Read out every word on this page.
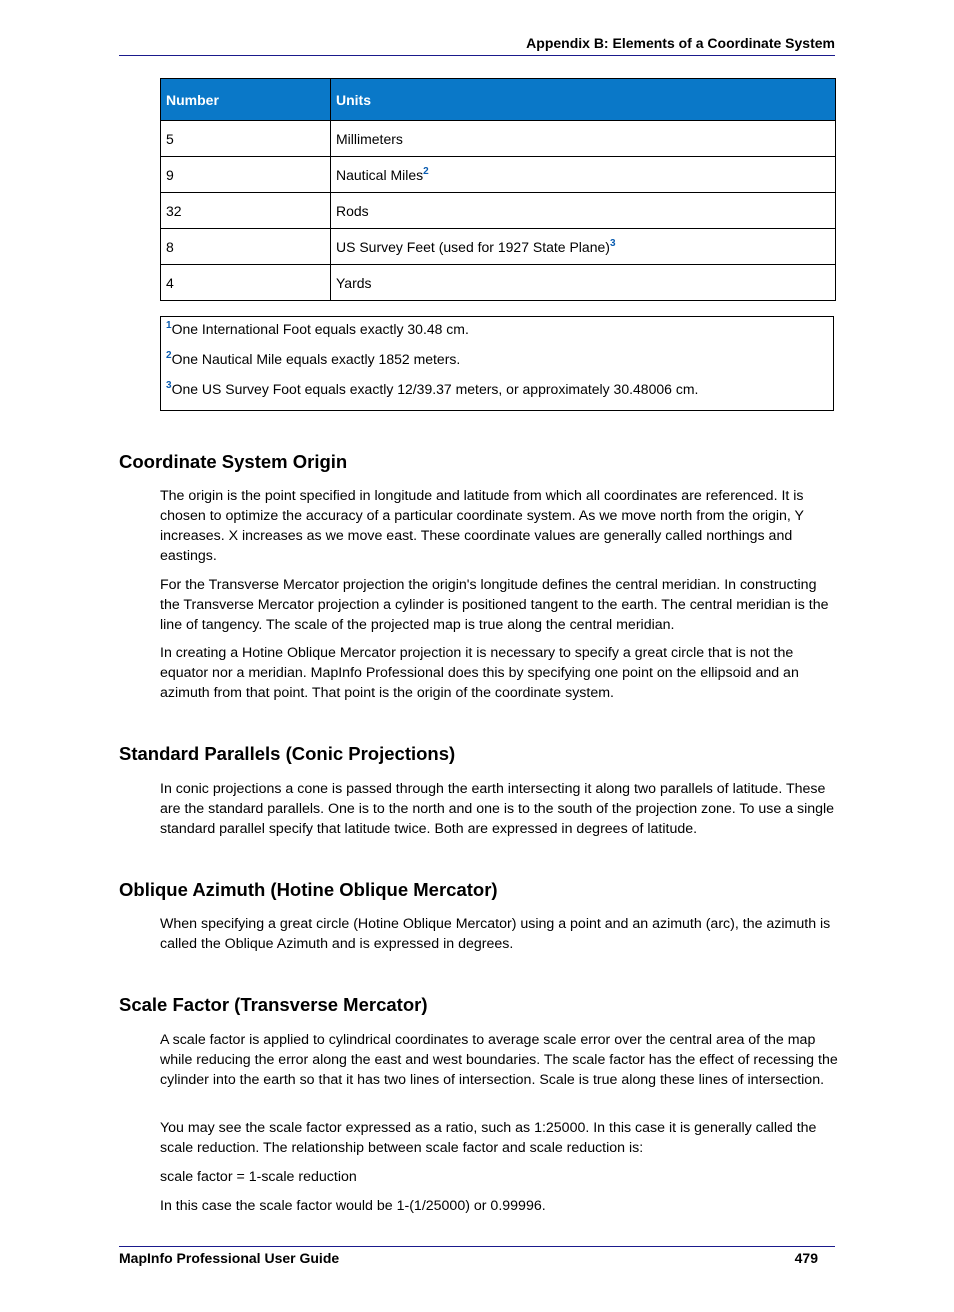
Appendix B: Elements of a Coordinate System
Number	Units
5	Millimeters
9	Nautical Miles$^2$
32	Rods
8	US Survey Feet (used for 1927 State Plane)$^3$
4	Yards

$^1$One International Foot equals exactly 30.48 cm.

$^2$One Nautical Mile equals exactly 1852 meters.

$^3$One US Survey Foot equals exactly 12/39.37 meters, or approximately 30.48006 cm.

Coordinate System Origin

The origin is the point specified in longitude and latitude from which all coordinates are referenced. It is chosen to optimize the accuracy of a particular coordinate system. As we move north from the origin, Y increases. X increases as we move east. These coordinate values are generally called northings and eastings.

For the Transverse Mercator projection the origin's longitude defines the central meridian. In constructing the Transverse Mercator projection a cylinder is positioned tangent to the earth. The central meridian is the line of tangency. The scale of the projected map is true along the central meridian.

In creating a Hotine Oblique Mercator projection it is necessary to specify a great circle that is not the equator nor a meridian. MapInfo Professional does this by specifying one point on the ellipsoid and an azimuth from that point. That point is the origin of the coordinate system.

Standard Parallels (Conic Projections)

In conic projections a cone is passed through the earth intersecting it along two parallels of latitude. These are the standard parallels. One is to the north and one is to the south of the projection zone. To use a single standard parallel specify that latitude twice. Both are expressed in degrees of latitude.

Oblique Azimuth (Hotine Oblique Mercator)

When specifying a great circle (Hotine Oblique Mercator) using a point and an azimuth (arc), the azimuth is called the Oblique Azimuth and is expressed in degrees.

Scale Factor (Transverse Mercator)

A scale factor is applied to cylindrical coordinates to average scale error over the central area of the map while reducing the error along the east and west boundaries. The scale factor has the effect of recessing the cylinder into the earth so that it has two lines of intersection. Scale is true along these lines of intersection.

You may see the scale factor expressed as a ratio, such as 1:25000. In this case it is generally called the scale reduction. The relationship between scale factor and scale reduction is:

scale factor = 1-scale reduction

In this case the scale factor would be 1-(1/25000) or 0.99996.

MapInfo Professional User Guide	479
